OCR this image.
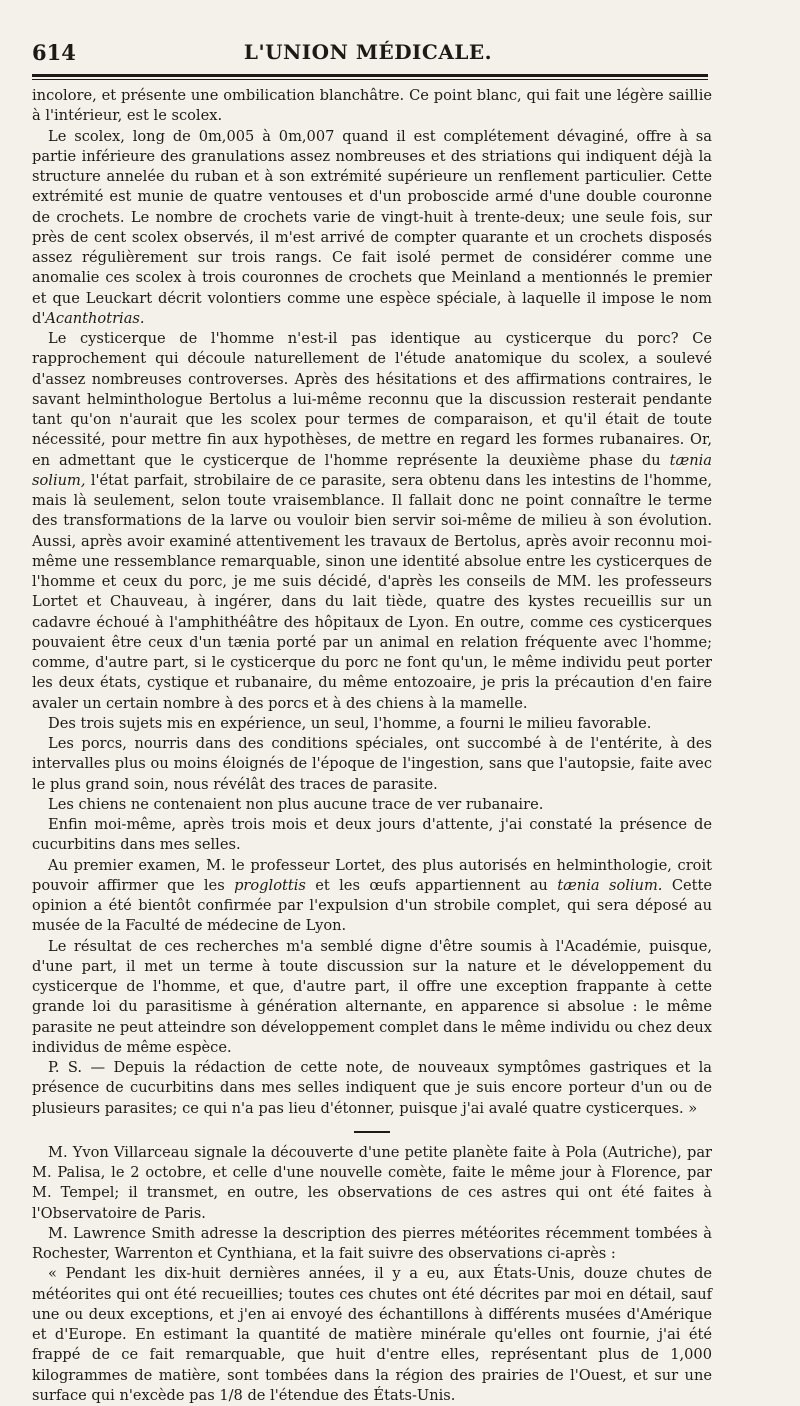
614	L'UNION MÉDICALE.

incolore, et présente une ombilication blanchâtre. Ce point blanc, qui fait une légère saillie à l'intérieur, est le scolex.

Le scolex, long de 0m,005 à 0m,007 quand il est complétement dévaginé, offre à sa partie inférieure des granulations assez nombreuses et des striations qui indiquent déjà la structure annelée du ruban et à son extrémité supérieure un renflement particulier. Cette extrémité est munie de quatre ventouses et d'un proboscide armé d'une double couronne de crochets. Le nombre de crochets varie de vingt-huit à trente-deux; une seule fois, sur près de cent scolex observés, il m'est arrivé de compter quarante et un crochets disposés assez régulièrement sur trois rangs. Ce fait isolé permet de considérer comme une anomalie ces scolex à trois couronnes de crochets que Meinland a mentionnés le premier et que Leuckart décrit volontiers comme une espèce spéciale, à laquelle il impose le nom d'Acanthotrias.

Le cysticerque de l'homme n'est-il pas identique au cysticerque du porc? Ce rapprochement qui découle naturellement de l'étude anatomique du scolex, a soulevé d'assez nombreuses controverses. Après des hésitations et des affirmations contraires, le savant helminthologue Bertolus a lui-même reconnu que la discussion resterait pendante tant qu'on n'aurait que les scolex pour termes de comparaison, et qu'il était de toute nécessité, pour mettre fin aux hypothèses, de mettre en regard les formes rubanaires. Or, en admettant que le cysticerque de l'homme représente la deuxième phase du tænia solium, l'état parfait, strobilaire de ce parasite, sera obtenu dans les intestins de l'homme, mais là seulement, selon toute vraisemblance. Il fallait donc ne point connaître le terme des transformations de la larve ou vouloir bien servir soi-même de milieu à son évolution. Aussi, après avoir examiné attentivement les travaux de Bertolus, après avoir reconnu moi-même une ressemblance remarquable, sinon une identité absolue entre les cysticerques de l'homme et ceux du porc, je me suis décidé, d'après les conseils de MM. les professeurs Lortet et Chauveau, à ingérer, dans du lait tiède, quatre des kystes recueillis sur un cadavre échoué à l'amphithéâtre des hôpitaux de Lyon. En outre, comme ces cysticerques pouvaient être ceux d'un tænia porté par un animal en relation fréquente avec l'homme; comme, d'autre part, si le cysticerque du porc ne font qu'un, le même individu peut porter les deux états, cystique et rubanaire, du même entozoaire, je pris la précaution d'en faire avaler un certain nombre à des porcs et à des chiens à la mamelle.

Des trois sujets mis en expérience, un seul, l'homme, a fourni le milieu favorable.

Les porcs, nourris dans des conditions spéciales, ont succombé à de l'entérite, à des intervalles plus ou moins éloignés de l'époque de l'ingestion, sans que l'autopsie, faite avec le plus grand soin, nous révélât des traces de parasite.

Les chiens ne contenaient non plus aucune trace de ver rubanaire.

Enfin moi-même, après trois mois et deux jours d'attente, j'ai constaté la présence de cucurbitins dans mes selles.

Au premier examen, M. le professeur Lortet, des plus autorisés en helminthologie, croit pouvoir affirmer que les proglottis et les œufs appartiennent au tænia solium. Cette opinion a été bientôt confirmée par l'expulsion d'un strobile complet, qui sera déposé au musée de la Faculté de médecine de Lyon.

Le résultat de ces recherches m'a semblé digne d'être soumis à l'Académie, puisque, d'une part, il met un terme à toute discussion sur la nature et le développement du cysticerque de l'homme, et que, d'autre part, il offre une exception frappante à cette grande loi du parasitisme à génération alternante, en apparence si absolue : le même parasite ne peut atteindre son développement complet dans le même individu ou chez deux individus de même espèce.

P. S. — Depuis la rédaction de cette note, de nouveaux symptômes gastriques et la présence de cucurbitins dans mes selles indiquent que je suis encore porteur d'un ou de plusieurs parasites; ce qui n'a pas lieu d'étonner, puisque j'ai avalé quatre cysticerques. »

M. Yvon Villarceau signale la découverte d'une petite planète faite à Pola (Autriche), par M. Palisa, le 2 octobre, et celle d'une nouvelle comète, faite le même jour à Florence, par M. Tempel; il transmet, en outre, les observations de ces astres qui ont été faites à l'Observatoire de Paris.

M. Lawrence Smith adresse la description des pierres météorites récemment tombées à Rochester, Warrenton et Cynthiana, et la fait suivre des observations ci-après :

« Pendant les dix-huit dernières années, il y a eu, aux États-Unis, douze chutes de météorites qui ont été recueillies; toutes ces chutes ont été décrites par moi en détail, sauf une ou deux exceptions, et j'en ai envoyé des échantillons à différents musées d'Amérique et d'Europe. En estimant la quantité de matière minérale qu'elles ont fournie, j'ai été frappé de ce fait remarquable, que huit d'entre elles, représentant plus de 1,000 kilogrammes de matière, sont tombées dans la région des prairies de l'Ouest, et sur une surface qui n'excède pas 1/8 de l'étendue des États-Unis.
